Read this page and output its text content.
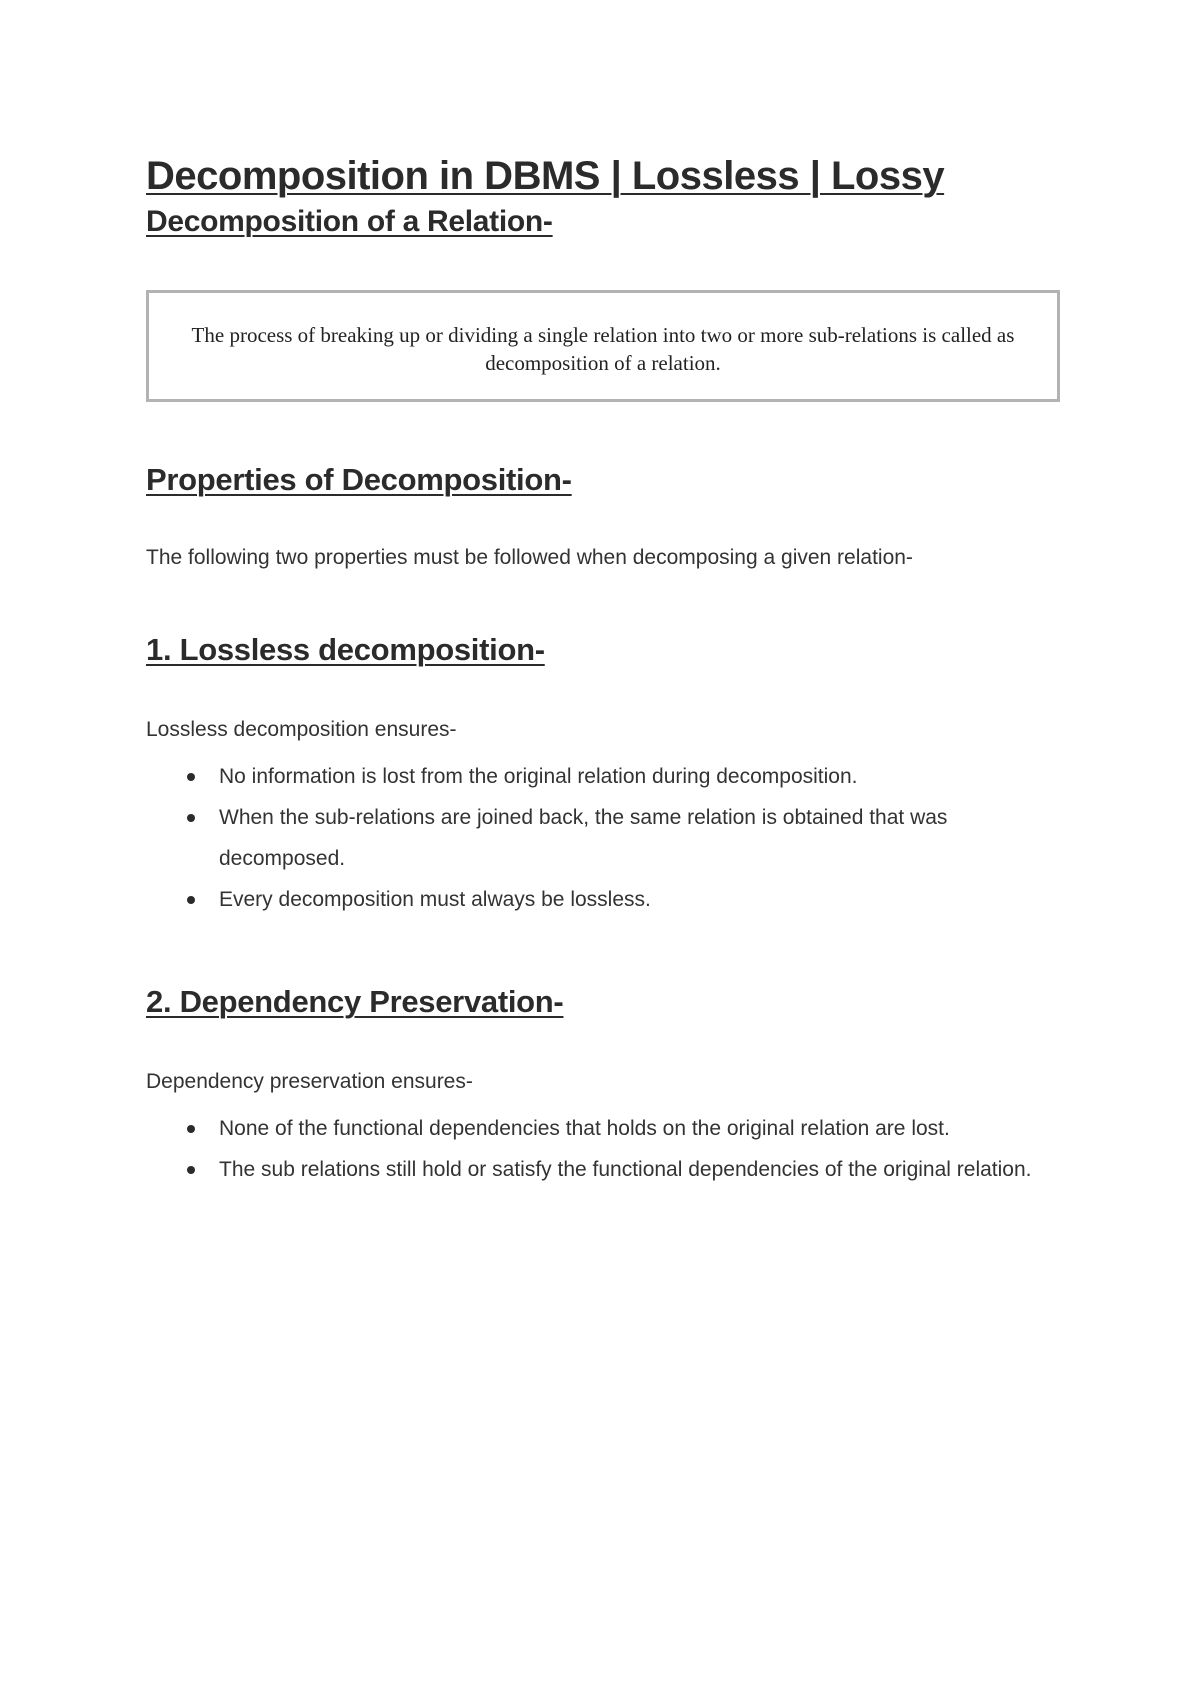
Decomposition in DBMS | Lossless | Lossy
Decomposition of a Relation-
The process of breaking up or dividing a single relation into two or more sub-relations is called as decomposition of a relation.
Properties of Decomposition-

The following two properties must be followed when decomposing a given relation-

1. Lossless decomposition-

Lossless decomposition ensures-

No information is lost from the original relation during decomposition.
When the sub-relations are joined back, the same relation is obtained that was decomposed.
Every decomposition must always be lossless.
2. Dependency Preservation-

Dependency preservation ensures-

None of the functional dependencies that holds on the original relation are lost.
The sub relations still hold or satisfy the functional dependencies of the original relation.
